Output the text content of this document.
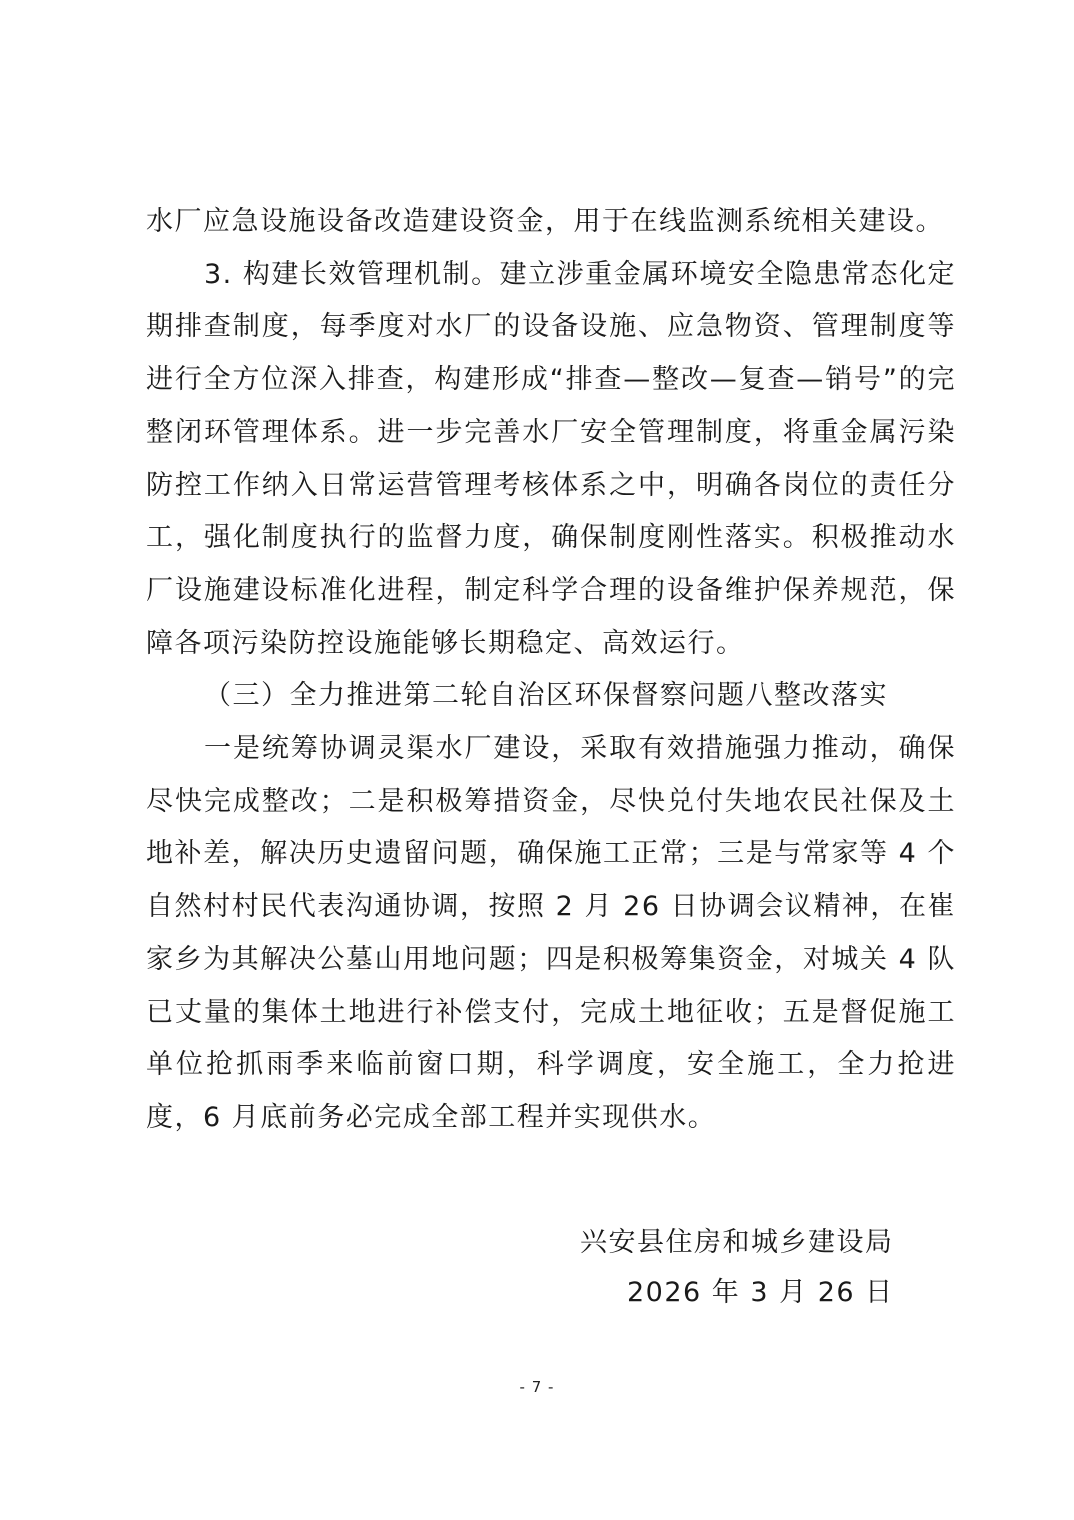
水厂应急设施设备改造建设资金，用于在线监测系统相关建设。

3. 构建长效管理机制。建立涉重金属环境安全隐患常态化定期排查制度，每季度对水厂的设备设施、应急物资、管理制度等进行全方位深入排查，构建形成“排查—整改—复查—销号”的完整闭环管理体系。进一步完善水厂安全管理制度，将重金属污染防控工作纳入日常运营管理考核体系之中，明确各岗位的责任分工，强化制度执行的监督力度，确保制度刚性落实。积极推动水厂设施建设标准化进程，制定科学合理的设备维护保养规范，保障各项污染防控设施能够长期稳定、高效运行。

（三）全力推进第二轮自治区环保督察问题八整改落实

一是统筹协调灵渠水厂建设，采取有效措施强力推动，确保尽快完成整改；二是积极筹措资金，尽快兑付失地农民社保及土地补差，解决历史遗留问题，确保施工正常；三是与常家等 4 个自然村村民代表沟通协调，按照 2 月 26 日协调会议精神，在崔家乡为其解决公墓山用地问题；四是积极筹集资金，对城关 4 队已丈量的集体土地进行补偿支付，完成土地征收；五是督促施工单位抢抓雨季来临前窗口期，科学调度，安全施工，全力抢进度，6 月底前务必完成全部工程并实现供水。

兴安县住房和城乡建设局
2026 年 3 月 26 日
- 7 -
